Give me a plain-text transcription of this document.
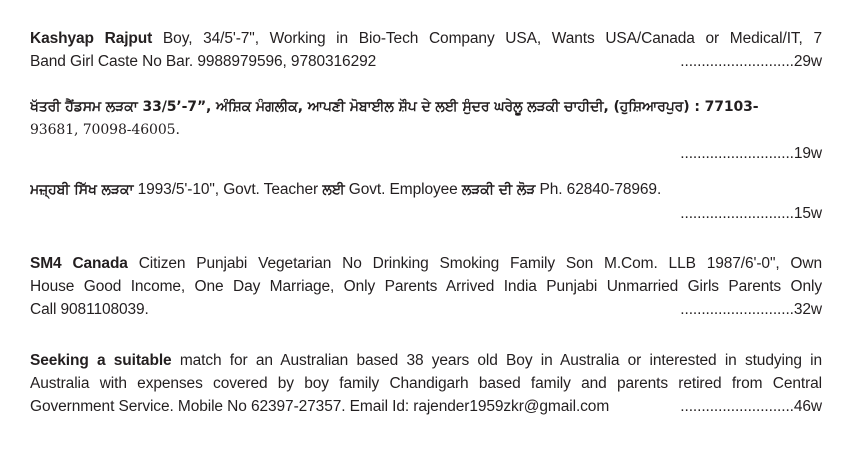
Kashyap Rajput Boy, 34/5'-7", Working in Bio-Tech Company USA, Wants USA/Canada or Medical/IT, 7
Band Girl Caste No Bar. 9988979596, 9780316292	...........................29w
ਖੱਤਰੀ ਹੈਂਡਸਮ ਲੜਕਾ 33/5’-7”, ਅੰਸ਼ਿਕ ਮੰਗਲੀਕ, ਆਪਣੀ ਮੋਬਾਈਲ ਸ਼ੌਪ ਦੇ ਲਈ ਸੁੰਦਰ ਘਰੇਲੂ ਲੜਕੀ ਚਾਹੀਦੀ, (ਹੁਸ਼ਿਆਰਪੁਰ) : 77103-
93681, 70098-46005.
...........................19w
ਮਜ਼੍ਹਬੀ ਸਿੱਖ ਲੜਕਾ 1993/5'-10", Govt. Teacher ਲਈ Govt. Employee ਲੜਕੀ ਦੀ ਲੋੜ Ph. 62840-78969.
...........................15w
SM4 Canada Citizen Punjabi Vegetarian No Drinking Smoking Family Son M.Com. LLB 1987/6'-0", Own
House Good Income, One Day Marriage, Only Parents Arrived India Punjabi Unmarried Girls Parents Only
Call 9081108039.	...........................32w
Seeking a suitable match for an Australian based 38 years old Boy in Australia or interested in studying in
Australia with expenses covered by boy family Chandigarh based family and parents retired from Central
Government Service. Mobile No 62397-27357. Email Id: rajender1959zkr@gmail.com	...........................46w
